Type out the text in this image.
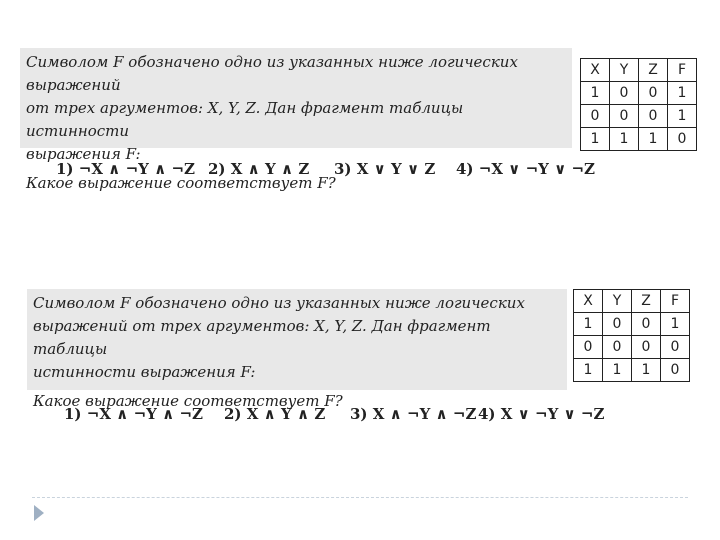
Символом F обозначено одно из указанных ниже логических выражений

от трех аргументов: X, Y, Z. Дан фрагмент таблицы истинности

выражения F:

Какое выражение соответствует F?

X	Y	Z	F
1	0	0	1
0	0	0	1
1	1	1	0
1) ¬X ∧ ¬Y ∧ ¬Z 2) X ∧ Y ∧ Z 3) X ∨ Y ∨ Z 4) ¬X ∨ ¬Y ∨ ¬Z

Символом F обозначено одно из указанных ниже логических

выражений от трех аргументов: X, Y, Z. Дан фрагмент таблицы

истинности выражения F:

Какое выражение соответствует F?

X	Y	Z	F
1	0	0	1
0	0	0	0
1	1	1	0
1) ¬X ∧ ¬Y ∧ ¬Z 2) X ∧ Y ∧ Z 3) X ∧ ¬Y ∧ ¬Z 4) X ∨ ¬Y ∨ ¬Z
